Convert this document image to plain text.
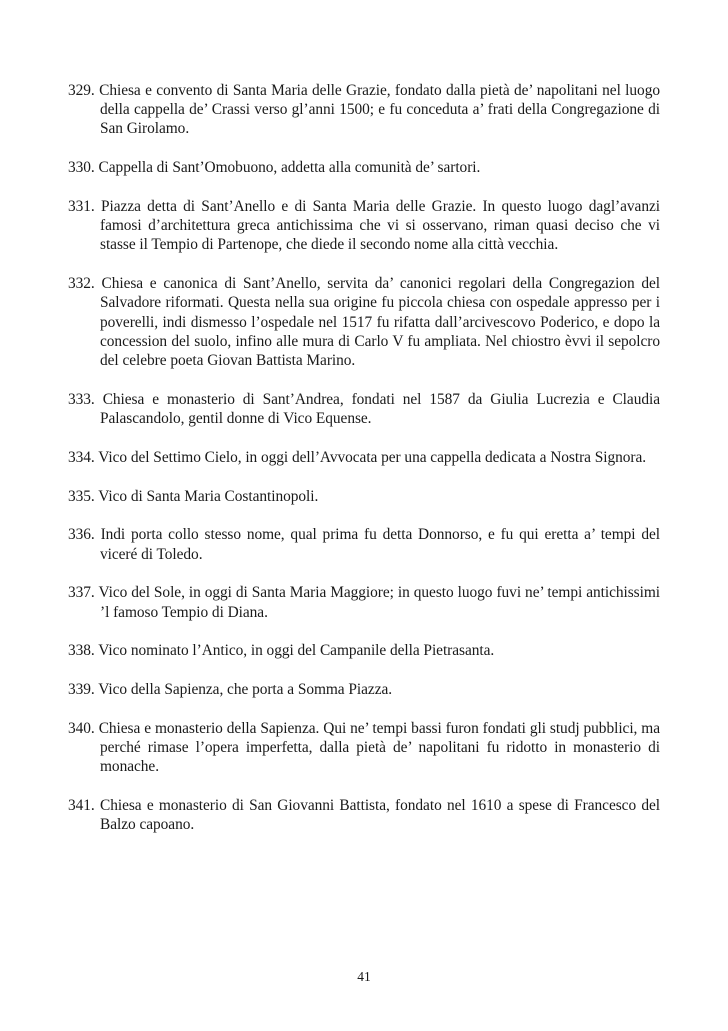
329. Chiesa e convento di Santa Maria delle Grazie, fondato dalla pietà de’ napolitani nel luogo della cappella de’ Crassi verso gl’anni 1500; e fu conceduta a’ frati della Congregazione di San Girolamo.
330. Cappella di Sant’Omobuono, addetta alla comunità de’ sartori.
331. Piazza detta di Sant’Anello e di Santa Maria delle Grazie. In questo luogo dagl’avanzi famosi d’architettura greca antichissima che vi si osservano, riman quasi deciso che vi stasse il Tempio di Partenope, che diede il secondo nome alla città vecchia.
332. Chiesa e canonica di Sant’Anello, servita da’ canonici regolari della Congregazion del Salvadore riformati. Questa nella sua origine fu piccola chiesa con ospedale appresso per i poverelli, indi dismesso l’ospedale nel 1517 fu rifatta dall’arcivescovo Poderico, e dopo la concession del suolo, infino alle mura di Carlo V fu ampliata. Nel chiostro èvvi il sepolcro del celebre poeta Giovan Battista Marino.
333. Chiesa e monasterio di Sant’Andrea, fondati nel 1587 da Giulia Lucrezia e Claudia Palascandolo, gentil donne di Vico Equense.
334. Vico del Settimo Cielo, in oggi dell’Avvocata per una cappella dedicata a Nostra Signora.
335. Vico di Santa Maria Costantinopoli.
336. Indi porta collo stesso nome, qual prima fu detta Donnorso, e fu qui eretta a’ tempi del viceré di Toledo.
337. Vico del Sole, in oggi di Santa Maria Maggiore; in questo luogo fuvi ne’ tempi antichissimi ’l famoso Tempio di Diana.
338. Vico nominato l’Antico, in oggi del Campanile della Pietrasanta.
339. Vico della Sapienza, che porta a Somma Piazza.
340. Chiesa e monasterio della Sapienza. Qui ne’ tempi bassi furon fondati gli studj pubblici, ma perché rimase l’opera imperfetta, dalla pietà de’ napolitani fu ridotto in monasterio di monache.
341. Chiesa e monasterio di San Giovanni Battista, fondato nel 1610 a spese di Francesco del Balzo capoano.
41
